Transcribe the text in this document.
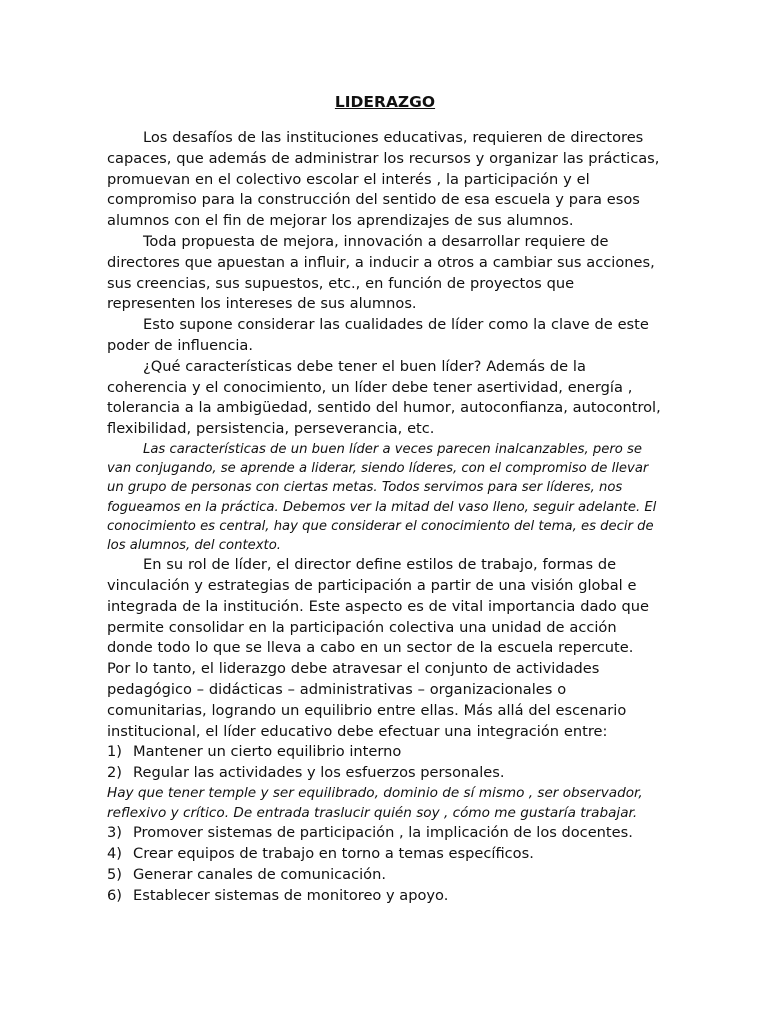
LIDERAZGO

Los desafíos de las instituciones educativas, requieren de directores capaces, que además de administrar los recursos y organizar las prácticas, promuevan en el colectivo escolar el interés , la participación y el compromiso para la construcción del sentido de esa escuela y para esos alumnos con el fin de mejorar los aprendizajes de sus alumnos.

Toda propuesta de mejora, innovación a desarrollar requiere de directores que apuestan a influir, a inducir a otros a cambiar sus acciones, sus creencias, sus supuestos, etc., en función de proyectos que representen los intereses de sus alumnos.

Esto supone considerar las cualidades de líder como la clave de este poder de influencia.

¿Qué características debe tener el buen líder? Además de la coherencia y el conocimiento, un líder debe tener asertividad, energía , tolerancia a la ambigüedad, sentido del humor, autoconfianza, autocontrol, flexibilidad, persistencia, perseverancia, etc.

Las características de un buen líder a veces parecen inalcanzables, pero se van conjugando, se aprende a liderar, siendo líderes, con el compromiso de llevar un grupo de personas con ciertas metas. Todos servimos para ser líderes, nos fogueamos en la práctica. Debemos ver la mitad del vaso lleno, seguir adelante. El conocimiento es central, hay que considerar el conocimiento del tema, es decir de los alumnos, del contexto.

En su rol de líder, el director define estilos de trabajo, formas de vinculación y estrategias de participación a partir de una visión global e integrada de la institución. Este aspecto es de vital importancia dado que permite consolidar en la participación colectiva una unidad de acción donde todo lo que se lleva a cabo en un sector de la escuela repercute.

Por lo tanto, el liderazgo debe atravesar el conjunto de actividades pedagógico – didácticas – administrativas – organizacionales o comunitarias, logrando un equilibrio entre ellas. Más allá del escenario institucional, el líder educativo debe efectuar una integración entre:

1) Mantener un cierto equilibrio interno
2) Regular las actividades y los esfuerzos personales.

Hay que tener temple y ser equilibrado, dominio de sí mismo , ser observador, reflexivo y crítico. De entrada traslucir quién soy , cómo me gustaría trabajar.

3) Promover sistemas de participación , la implicación de los docentes.
4) Crear equipos de trabajo en torno a temas específicos.
5) Generar canales de comunicación.
6) Establecer sistemas de monitoreo y apoyo.
